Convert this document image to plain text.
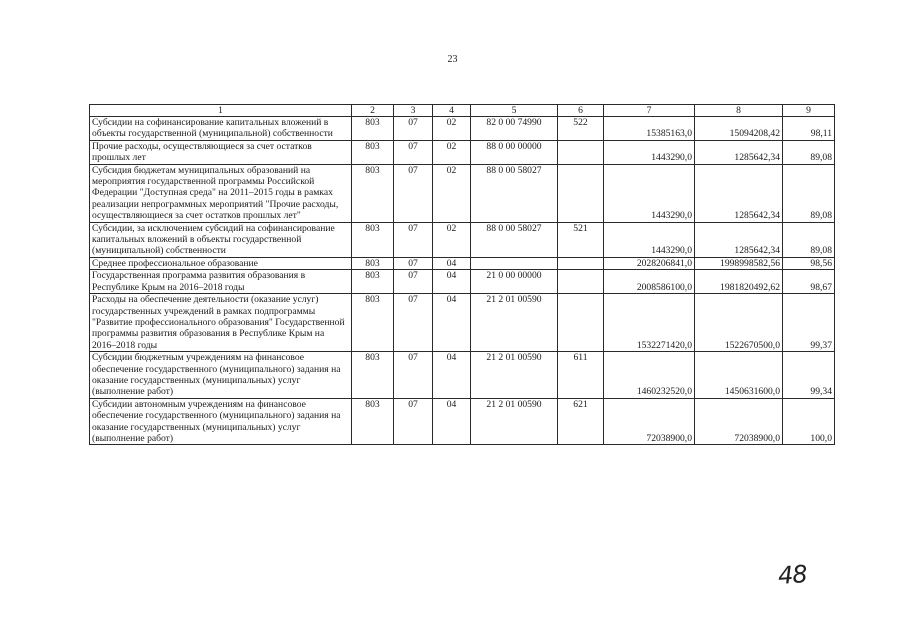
23
1	2	3	4	5	6	7	8	9
Субсидии на софинансирование капитальных вложений в объекты государственной (муниципальной) собственности	803	07	02	82 0 00 74990	522	15385163,0	15094208,42	98,11
Прочие расходы, осуществляющиеся за счет остатков прошлых лет	803	07	02	88 0 00 00000		1443290,0	1285642,34	89,08
Субсидия бюджетам муниципальных образований на мероприятия государственной программы Российской Федерации "Доступная среда" на 2011–2015 годы в рамках реализации непрограммных мероприятий "Прочие расходы, осуществляющиеся за счет остатков прошлых лет"	803	07	02	88 0 00 58027		1443290,0	1285642,34	89,08
Субсидии, за исключением субсидий на софинансирование капитальных вложений в объекты государственной (муниципальной) собственности	803	07	02	88 0 00 58027	521	1443290,0	1285642,34	89,08
Среднее профессиональное образование	803	07	04			2028206841,0	1998998582,56	98,56
Государственная программа развития образования в Республике Крым на 2016–2018 годы	803	07	04	21 0 00 00000		2008586100,0	1981820492,62	98,67
Расходы на обеспечение деятельности (оказание услуг) государственных учреждений в рамках подпрограммы "Развитие профессионального образования" Государственной программы развития образования в Республике Крым на 2016–2018 годы	803	07	04	21 2 01 00590		1532271420,0	1522670500,0	99,37
Субсидии бюджетным учреждениям на финансовое обеспечение государственного (муниципального) задания на оказание государственных (муниципальных) услуг (выполнение работ)	803	07	04	21 2 01 00590	611	1460232520,0	1450631600,0	99,34
Субсидии автономным учреждениям на финансовое обеспечение государственного (муниципального) задания на оказание государственных (муниципальных) услуг (выполнение работ)	803	07	04	21 2 01 00590	621	72038900,0	72038900,0	100,0
48
